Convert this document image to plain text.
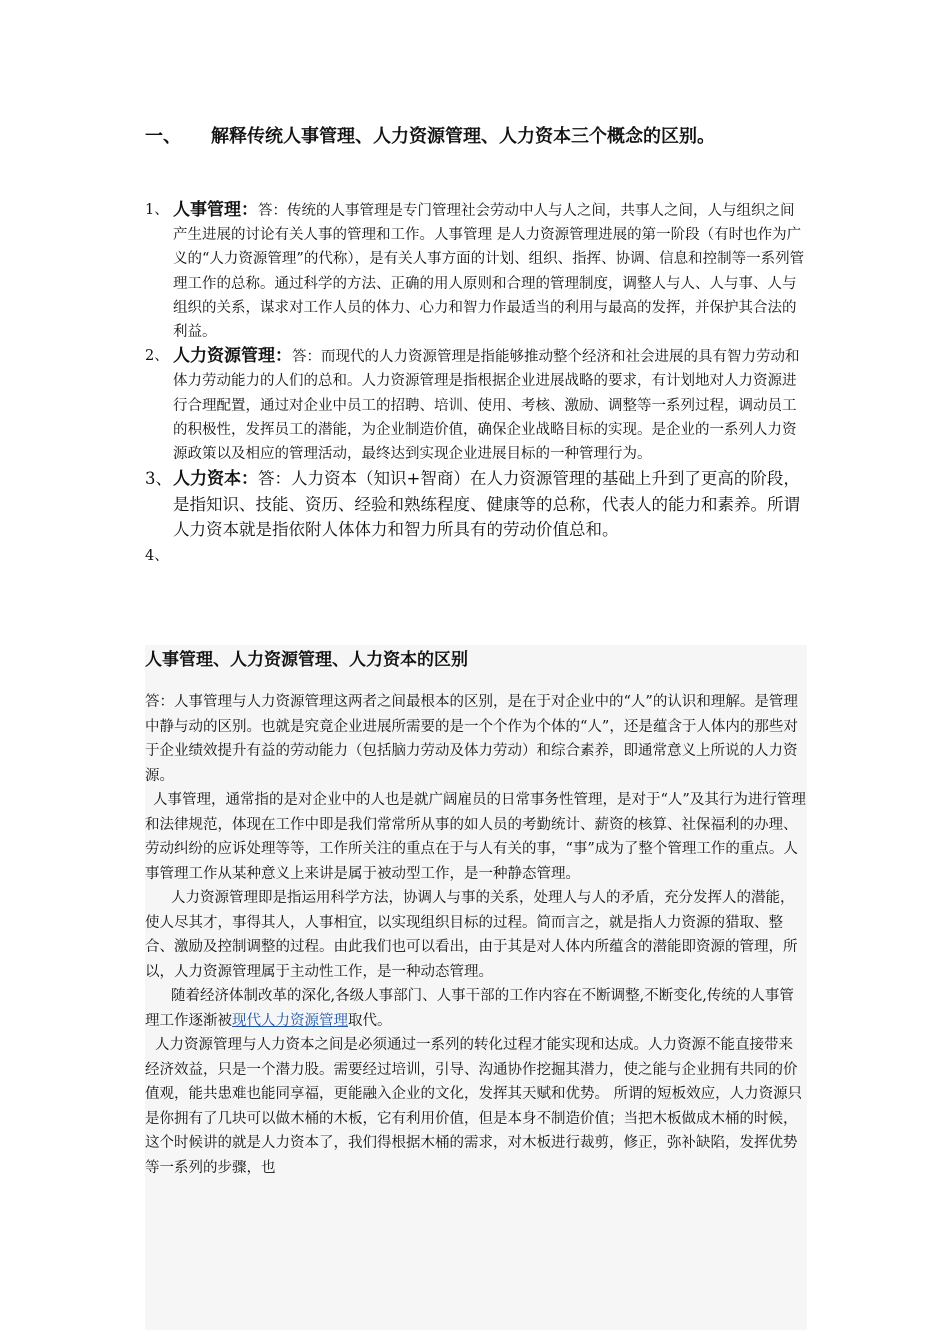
一、 解释传统人事管理、人力资源管理、人力资本三个概念的区别。

1、 人事管理：答：传统的人事管理是专门管理社会劳动中人与人之间，共事人之间，人与组织之间产生进展的讨论有关人事的管理和工作。人事管理 是人力资源管理进展的第一阶段（有时也作为广义的“人力资源管理”的代称），是有关人事方面的计划、组织、指挥、协调、信息和控制等一系列管理工作的总称。通过科学的方法、正确的用人原则和合理的管理制度，调整人与人、人与事、人与组织的关系，谋求对工作人员的体力、心力和智力作最适当的利用与最高的发挥，并保护其合法的利益。

2、 人力资源管理：答：而现代的人力资源管理是指能够推动整个经济和社会进展的具有智力劳动和体力劳动能力的人们的总和。人力资源管理是指根据企业进展战略的要求，有计划地对人力资源进行合理配置，通过对企业中员工的招聘、培训、使用、考核、激励、调整等一系列过程，调动员工的积极性，发挥员工的潜能，为企业制造价值，确保企业战略目标的实现。是企业的一系列人力资源政策以及相应的管理活动，最终达到实现企业进展目标的一种管理行为。

3、 人力资本：答：人力资本（知识+智商）在人力资源管理的基础上升到了更高的阶段，是指知识、技能、资历、经验和熟练程度、健康等的总称，代表人的能力和素养。所谓人力资本就是指依附人体体力和智力所具有的劳动价值总和。

4、

人事管理、人力资源管理、人力资本的区别

答：人事管理与人力资源管理这两者之间最根本的区别，是在于对企业中的“人”的认识和理解。是管理中静与动的区别。也就是究竟企业进展所需要的是一个个作为个体的“人”，还是蕴含于人体内的那些对于企业绩效提升有益的劳动能力（包括脑力劳动及体力劳动）和综合素养，即通常意义上所说的人力资源。

人事管理，通常指的是对企业中的人也是就广阔雇员的日常事务性管理，是对于“人”及其行为进行管理和法律规范，体现在工作中即是我们常常所从事的如人员的考勤统计、薪资的核算、社保福利的办理、劳动纠纷的应诉处理等等，工作所关注的重点在于与人有关的事，“事”成为了整个管理工作的重点。人事管理工作从某种意义上来讲是属于被动型工作，是一种静态管理。

人力资源管理即是指运用科学方法，协调人与事的关系，处理人与人的矛盾，充分发挥人的潜能，使人尽其才，事得其人，人事相宜，以实现组织目标的过程。简而言之，就是指人力资源的猎取、整合、激励及控制调整的过程。由此我们也可以看出，由于其是对人体内所蕴含的潜能即资源的管理，所以，人力资源管理属于主动性工作，是一种动态管理。

随着经济体制改革的深化,各级人事部门、人事干部的工作内容在不断调整,不断变化,传统的人事管理工作逐渐被现代人力资源管理取代。

人力资源管理与人力资本之间是必须通过一系列的转化过程才能实现和达成。人力资源不能直接带来经济效益，只是一个潜力股。需要经过培训，引导、沟通协作挖掘其潜力，使之能与企业拥有共同的价值观，能共患难也能同享福，更能融入企业的文化，发挥其天赋和优势。 所谓的短板效应，人力资源只是你拥有了几块可以做木桶的木板，它有利用价值，但是本身不制造价值；当把木板做成木桶的时候，这个时候讲的就是人力资本了，我们得根据木桶的需求，对木板进行裁剪，修正，弥补缺陷，发挥优势等一系列的步骤，也
